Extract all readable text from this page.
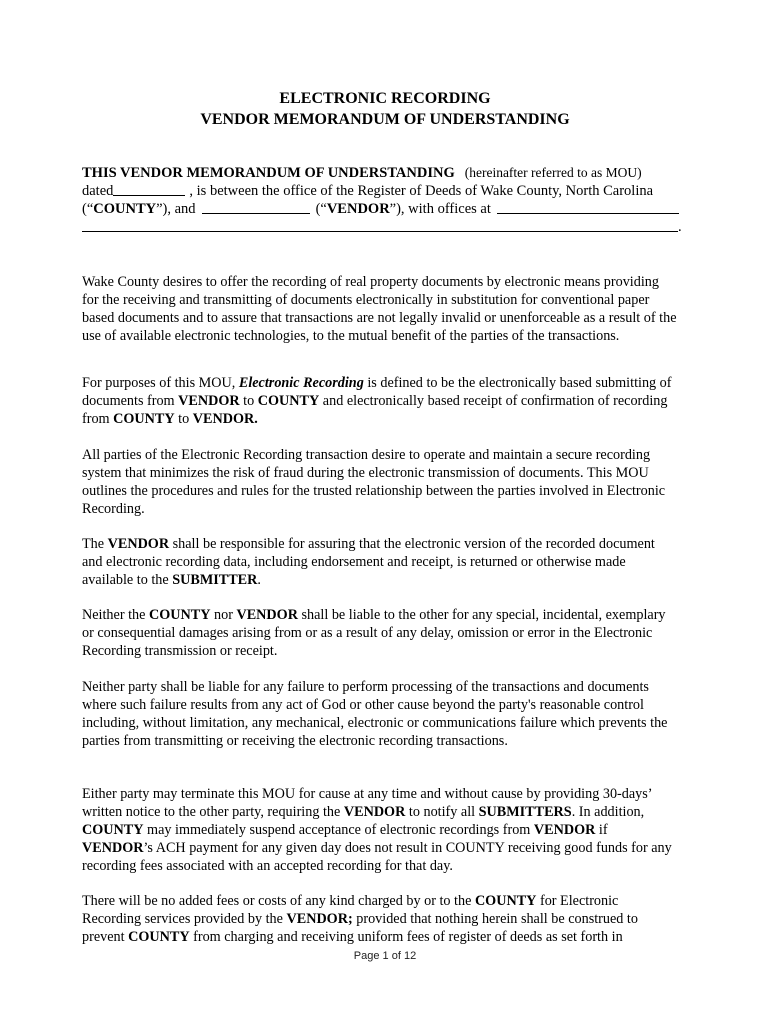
ELECTRONIC RECORDING
VENDOR MEMORANDUM OF UNDERSTANDING
THIS VENDOR MEMORANDUM OF UNDERSTANDING (hereinafter referred to as MOU)
dated	, is between the office of the Register of Deeds of Wake County, North Carolina
(“ COUNTY ”), and	(“ VENDOR ”), with offices at
.

Wake County desires to offer the recording of real property documents by electronic means providing for the receiving and transmitting of documents electronically in substitution for conventional paper based documents and to assure that transactions are not legally invalid or unenforceable as a result of the use of available electronic technologies, to the mutual benefit of the parties of the transactions.

For purposes of this MOU, Electronic Recording is defined to be the electronically based submitting of documents from VENDOR to COUNTY and electronically based receipt of confirmation of recording from COUNTY to VENDOR.

All parties of the Electronic Recording transaction desire to operate and maintain a secure recording system that minimizes the risk of fraud during the electronic transmission of documents. This MOU outlines the procedures and rules for the trusted relationship between the parties involved in Electronic Recording.

The VENDOR shall be responsible for assuring that the electronic version of the recorded document and electronic recording data, including endorsement and receipt, is returned or otherwise made available to the SUBMITTER.

Neither the COUNTY nor VENDOR shall be liable to the other for any special, incidental, exemplary or consequential damages arising from or as a result of any delay, omission or error in the Electronic Recording transmission or receipt.

Neither party shall be liable for any failure to perform processing of the transactions and documents where such failure results from any act of God or other cause beyond the party's reasonable control including, without limitation, any mechanical, electronic or communications failure which prevents the parties from transmitting or receiving the electronic recording transactions.

Either party may terminate this MOU for cause at any time and without cause by providing 30-days’ written notice to the other party, requiring the VENDOR to notify all SUBMITTERS. In addition, COUNTY may immediately suspend acceptance of electronic recordings from VENDOR if VENDOR’s ACH payment for any given day does not result in COUNTY receiving good funds for any recording fees associated with an accepted recording for that day.

There will be no added fees or costs of any kind charged by or to the COUNTY for Electronic Recording services provided by the VENDOR; provided that nothing herein shall be construed to prevent COUNTY from charging and receiving uniform fees of register of deeds as set forth in

Page 1 of 12
